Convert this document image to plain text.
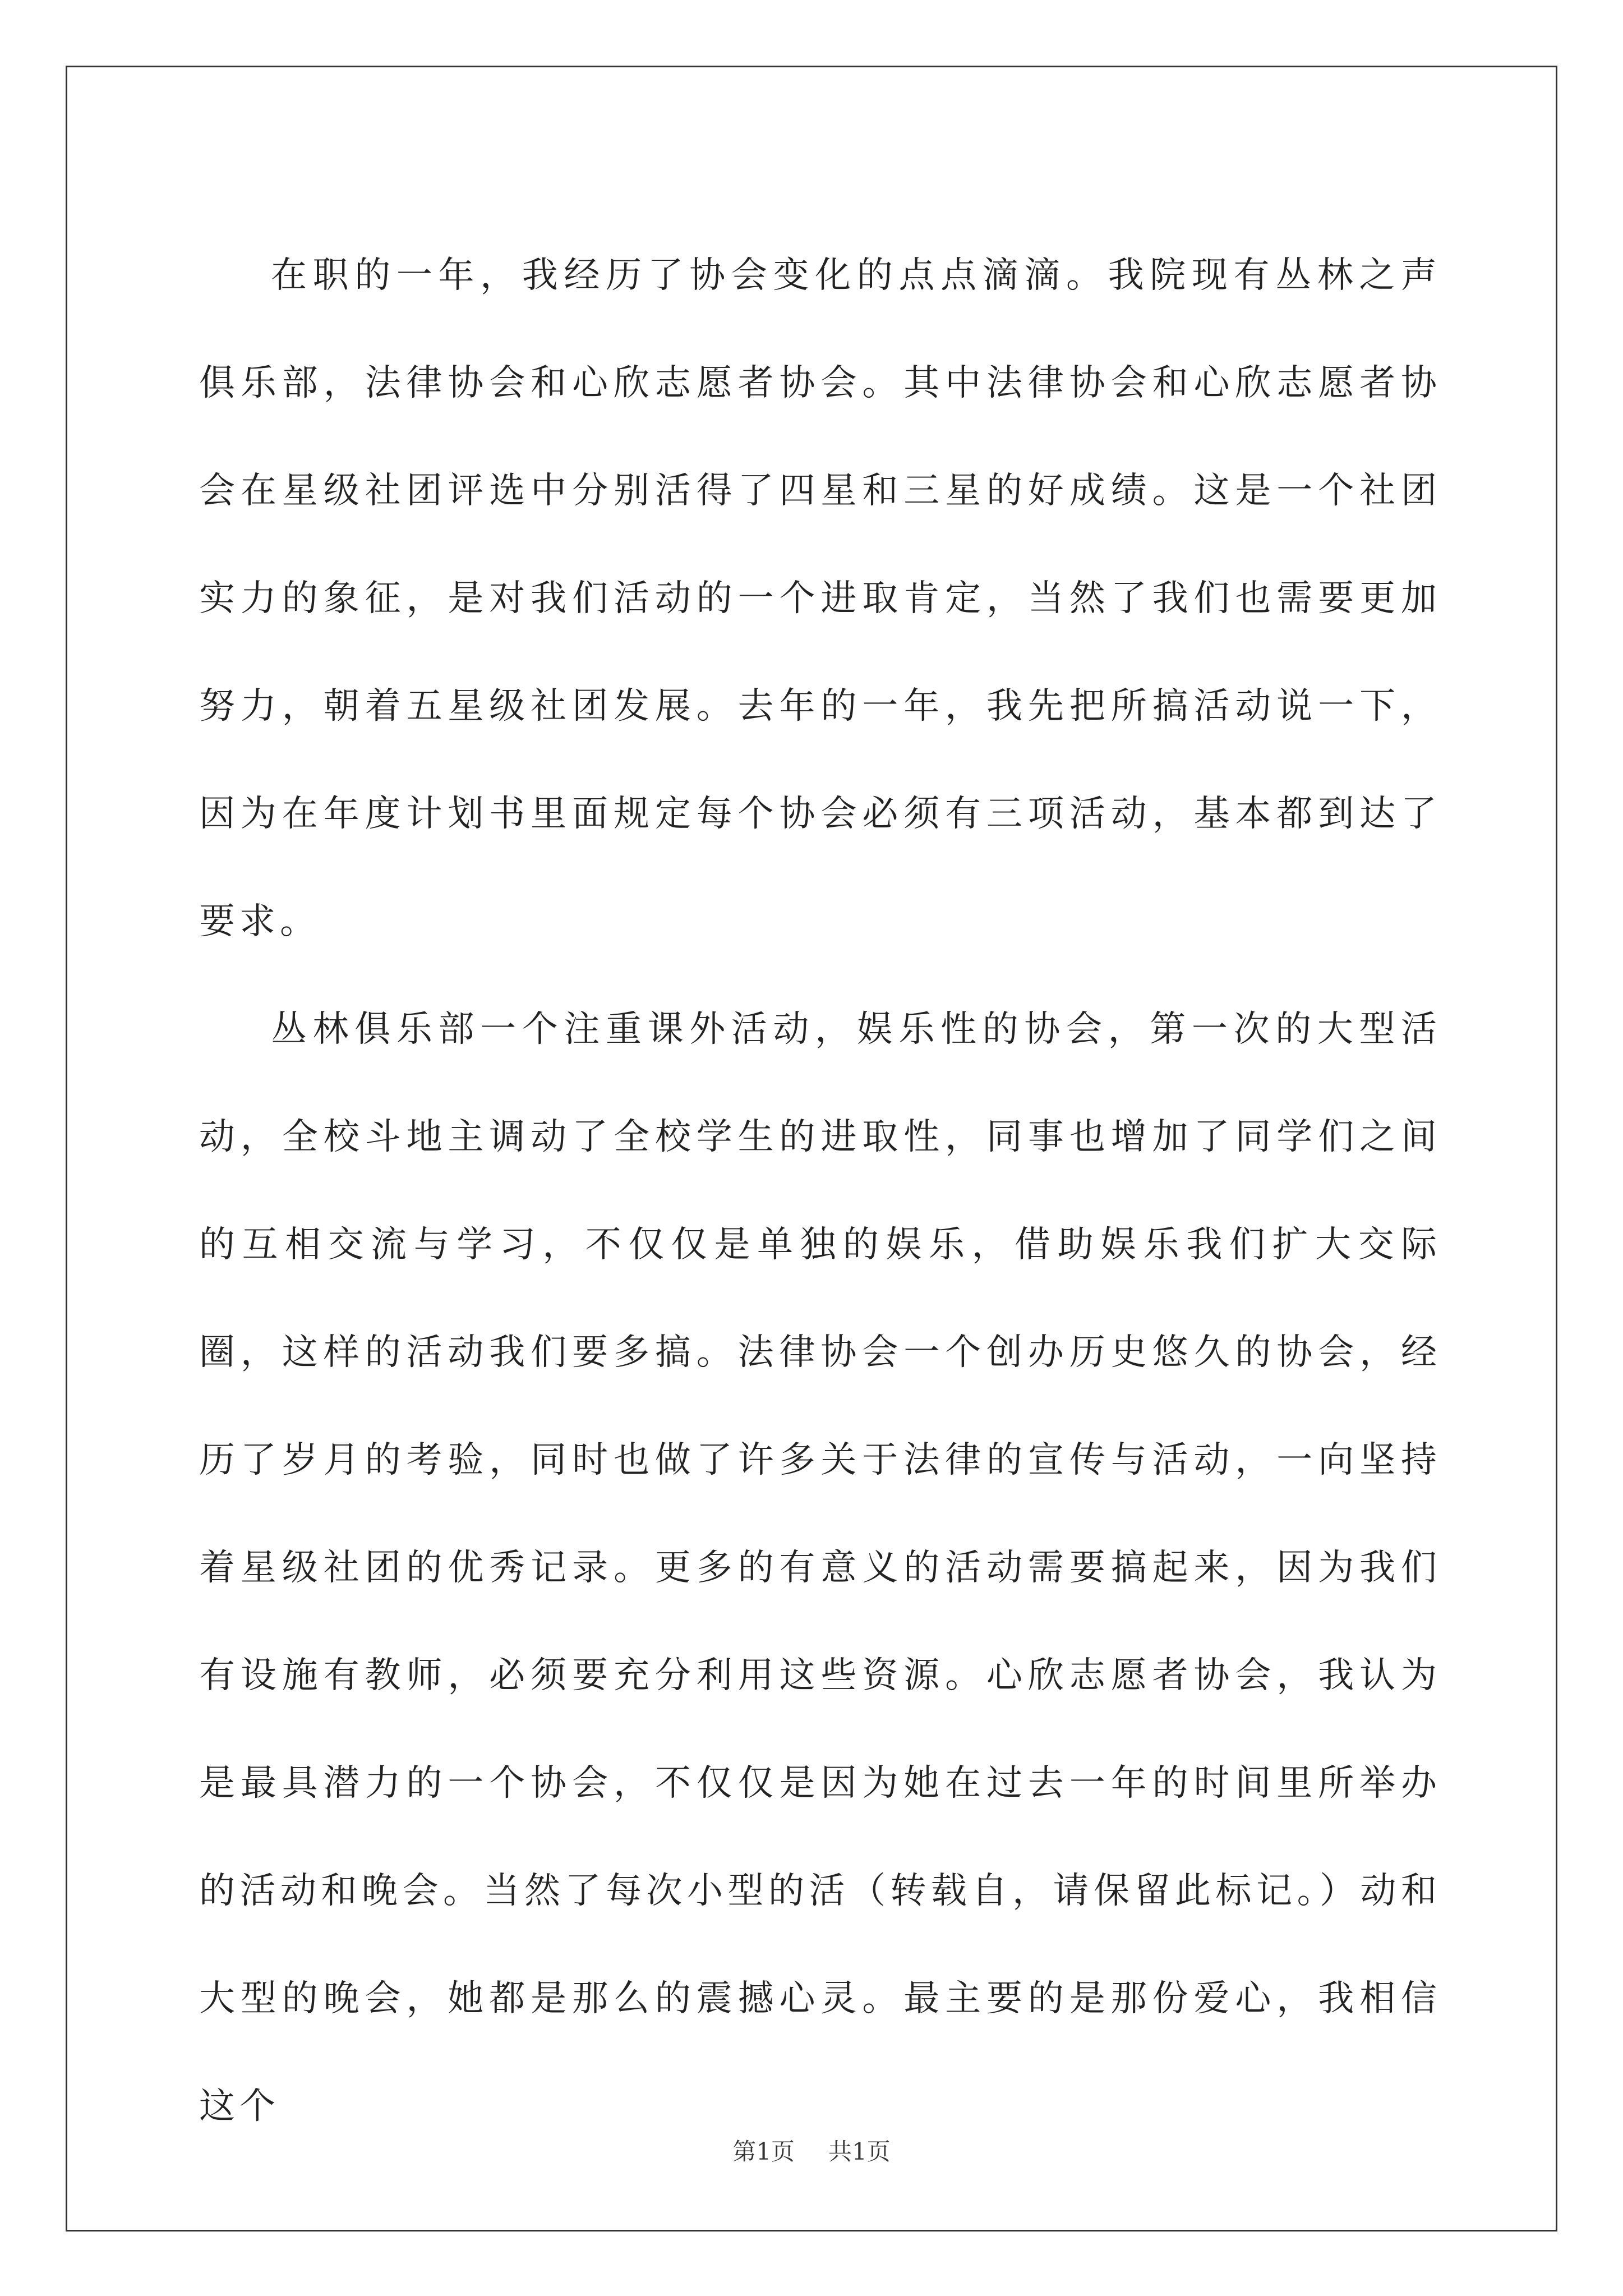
在职的一年，我经历了协会变化的点点滴滴。我院现有丛林之声俱乐部，法律协会和心欣志愿者协会。其中法律协会和心欣志愿者协会在星级社团评选中分别活得了四星和三星的好成绩。这是一个社团实力的象征，是对我们活动的一个进取肯定，当然了我们也需要更加努力，朝着五星级社团发展。去年的一年，我先把所搞活动说一下，因为在年度计划书里面规定每个协会必须有三项活动，基本都到达了要求。

丛林俱乐部一个注重课外活动，娱乐性的协会，第一次的大型活动，全校斗地主调动了全校学生的进取性，同事也增加了同学们之间的互相交流与学习，不仅仅是单独的娱乐，借助娱乐我们扩大交际圈，这样的活动我们要多搞。法律协会一个创办历史悠久的协会，经历了岁月的考验，同时也做了许多关于法律的宣传与活动，一向坚持着星级社团的优秀记录。更多的有意义的活动需要搞起来，因为我们有设施有教师，必须要充分利用这些资源。心欣志愿者协会，我认为是最具潜力的一个协会，不仅仅是因为她在过去一年的时间里所举办的活动和晚会。当然了每次小型的活（转载自，请保留此标记。）动和大型的晚会，她都是那么的震撼心灵。最主要的是那份爱心，我相信这个

第1页 共1页
